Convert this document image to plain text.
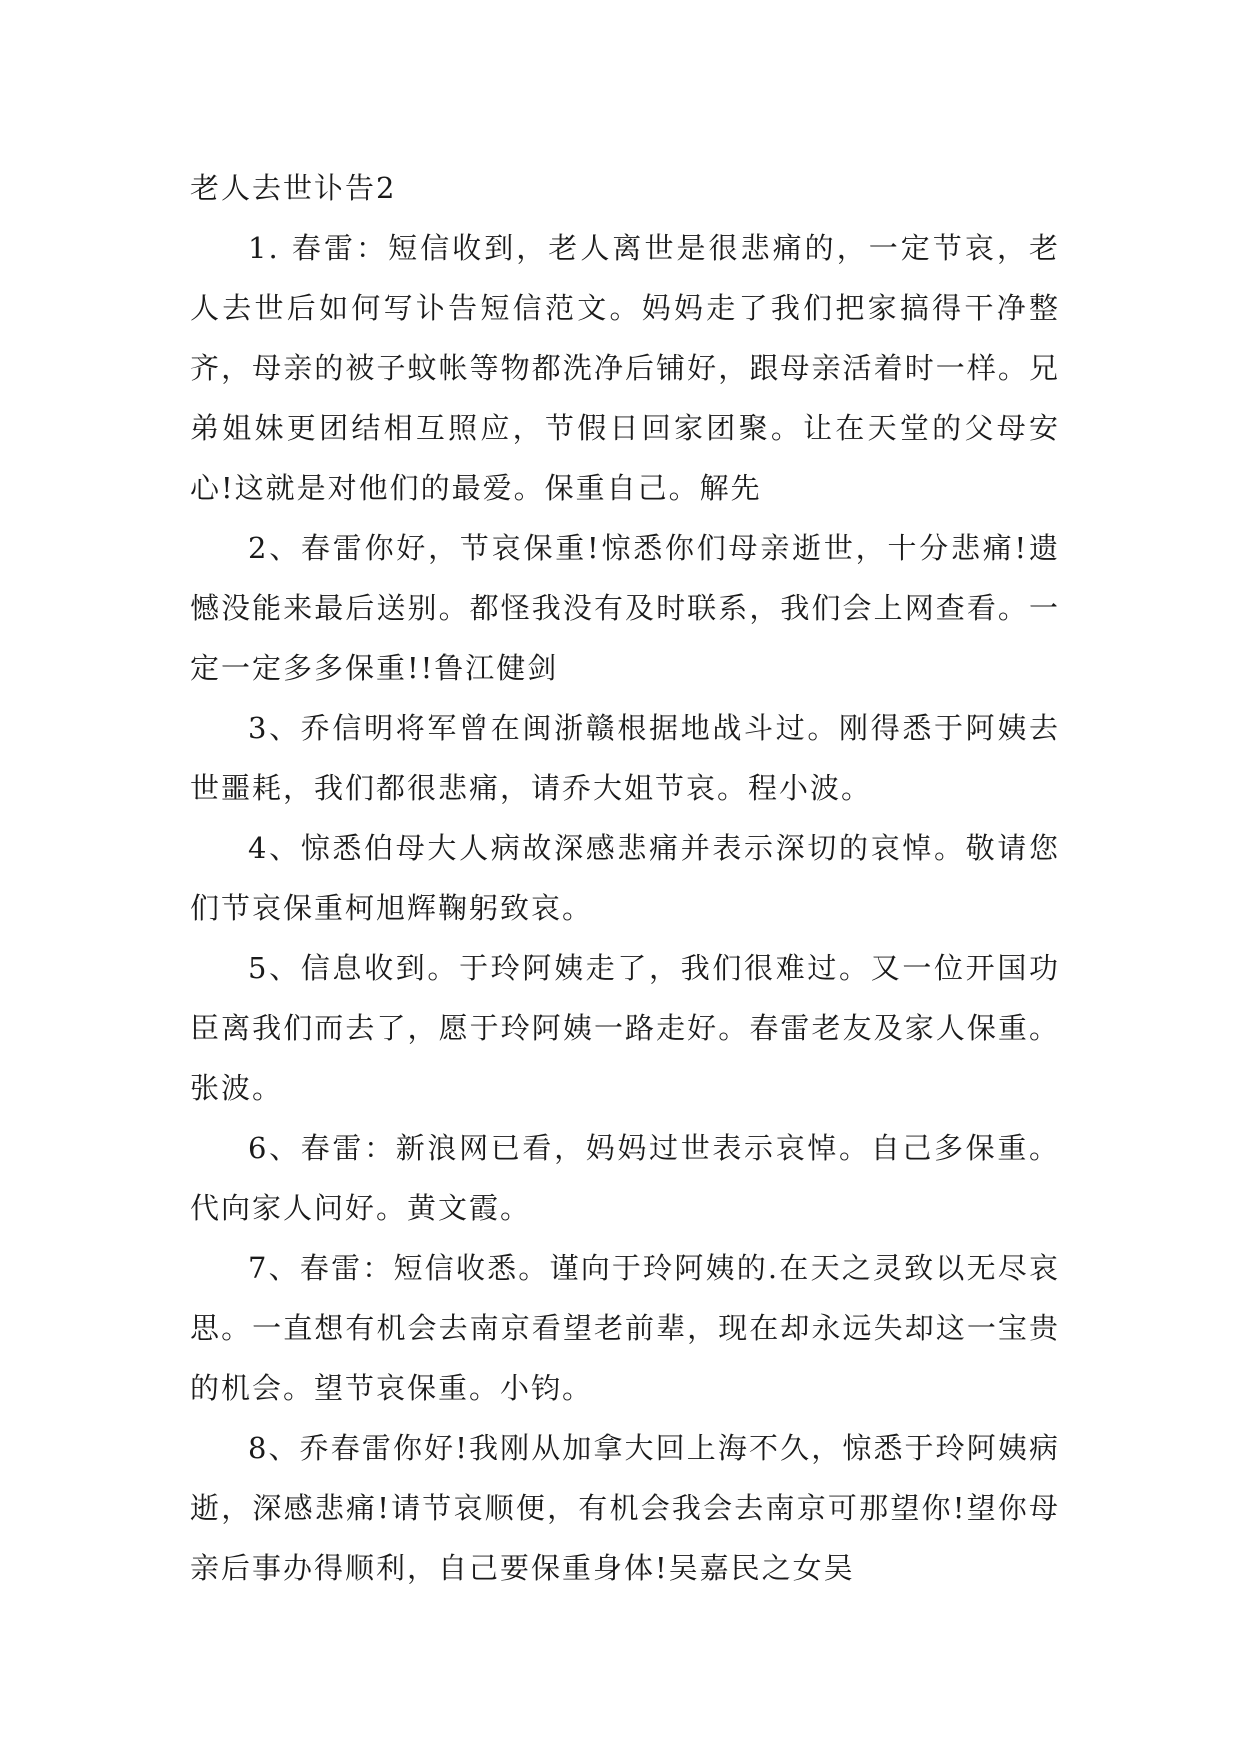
老人去世讣告2

1. 春雷：短信收到，老人离世是很悲痛的，一定节哀，老人去世后如何写讣告短信范文。妈妈走了我们把家搞得干净整齐，母亲的被子蚊帐等物都洗净后铺好，跟母亲活着时一样。兄弟姐妹更团结相互照应，节假日回家团聚。让在天堂的父母安心!这就是对他们的最爱。保重自己。解先

2、春雷你好，节哀保重!惊悉你们母亲逝世，十分悲痛!遗憾没能来最后送别。都怪我没有及时联系，我们会上网查看。一定一定多多保重!!鲁江健剑

3、乔信明将军曾在闽浙赣根据地战斗过。刚得悉于阿姨去世噩耗，我们都很悲痛，请乔大姐节哀。程小波。

4、惊悉伯母大人病故深感悲痛并表示深切的哀悼。敬请您们节哀保重柯旭辉鞠躬致哀。

5、信息收到。于玲阿姨走了，我们很难过。又一位开国功臣离我们而去了，愿于玲阿姨一路走好。春雷老友及家人保重。张波。

6、春雷：新浪网已看，妈妈过世表示哀悼。自己多保重。代向家人问好。黄文霞。

7、春雷：短信收悉。谨向于玲阿姨的.在天之灵致以无尽哀思。一直想有机会去南京看望老前辈，现在却永远失却这一宝贵的机会。望节哀保重。小钧。

8、乔春雷你好!我刚从加拿大回上海不久，惊悉于玲阿姨病逝，深感悲痛!请节哀顺便，有机会我会去南京可那望你!望你母亲后事办得顺利，自己要保重身体!吴嘉民之女吴
